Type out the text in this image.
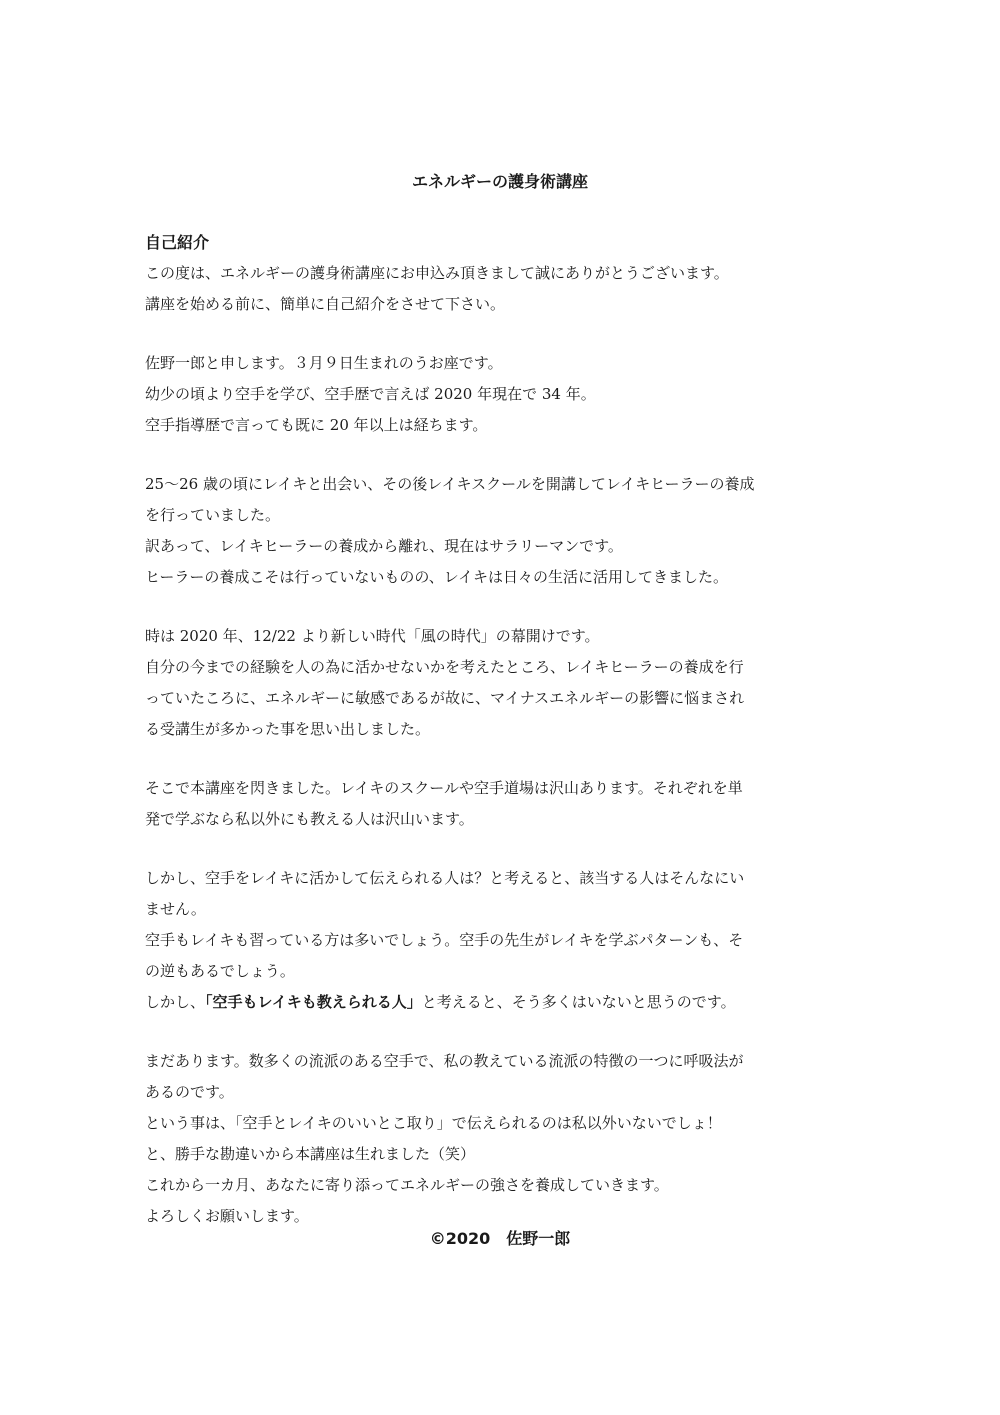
エネルギーの護身術講座
自己紹介
この度は、エネルギーの護身術講座にお申込み頂きまして誠にありがとうございます。
講座を始める前に、簡単に自己紹介をさせて下さい。
佐野一郎と申します。３月９日生まれのうお座です。
幼少の頃より空手を学び、空手歴で言えば 2020 年現在で 34 年。
空手指導歴で言っても既に 20 年以上は経ちます。
25〜26 歳の頃にレイキと出会い、その後レイキスクールを開講してレイキヒーラーの養成
を行っていました。
訳あって、レイキヒーラーの養成から離れ、現在はサラリーマンです。
ヒーラーの養成こそは行っていないものの、レイキは日々の生活に活用してきました。
時は 2020 年、12/22 より新しい時代「風の時代」の幕開けです。
自分の今までの経験を人の為に活かせないかを考えたところ、レイキヒーラーの養成を行
っていたころに、エネルギーに敏感であるが故に、マイナスエネルギーの影響に悩まされ
る受講生が多かった事を思い出しました。
そこで本講座を閃きました。レイキのスクールや空手道場は沢山あります。それぞれを単
発で学ぶなら私以外にも教える人は沢山います。
しかし、空手をレイキに活かして伝えられる人は？と考えると、該当する人はそんなにい
ません。
空手もレイキも習っている方は多いでしょう。空手の先生がレイキを学ぶパターンも、そ
の逆もあるでしょう。
しかし、「空手もレイキも教えられる人」と考えると、そう多くはいないと思うのです。
まだあります。数多くの流派のある空手で、私の教えている流派の特徴の一つに呼吸法が
あるのです。
という事は、「空手とレイキのいいとこ取り」で伝えられるのは私以外いないでしょ！
と、勝手な勘違いから本講座は生れました（笑）
これから一カ月、あなたに寄り添ってエネルギーの強さを養成していきます。
よろしくお願いします。
©2020　佐野一郎
